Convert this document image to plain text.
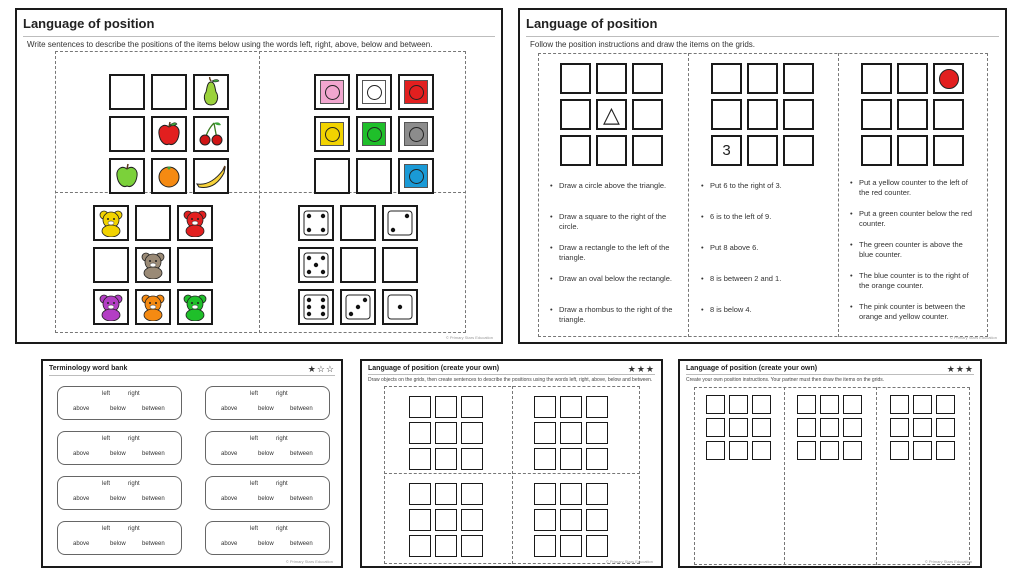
Language of position
Write sentences to describe the positions of the items below using the words left, right, above, below and between.
© Primary Stars Education
Language of position
Follow the position instructions and draw the items on the grids.
△
3
• Draw a circle above the triangle.
• Draw a square to the right of the circle.
• Draw a rectangle to the left of the triangle.
• Draw an oval below the rectangle.
• Draw a rhombus to the right of the triangle.
• Put 6 to the right of 3.
• 6 is to the left of 9.
• Put 8 above 6.
• 8 is between 2 and 1.
• 8 is below 4.
• Put a yellow counter to the left of the red counter.
• Put a green counter below the red counter.
• The green counter is above the blue counter.
• The blue counter is to the right of the orange counter.
• The pink counter is between the orange and yellow counter.
© Primary Stars Education
Terminology word bank	★☆☆
left	right
above	below	between
left	right
above	below	between
left	right
above	below	between
left	right
above	below	between
left	right
above	below	between
left	right
above	below	between
left	right
above	below	between
left	right
above	below	between
© Primary Stars Education
Language of position (create your own)	★★★
Draw objects on the grids, then create sentences to describe the positions using the words left, right, above, below and between.
© Primary Stars Education
Language of position (create your own)	★★★
Create your own position instructions. Your partner must then draw the items on the grids.
© Primary Stars Education
